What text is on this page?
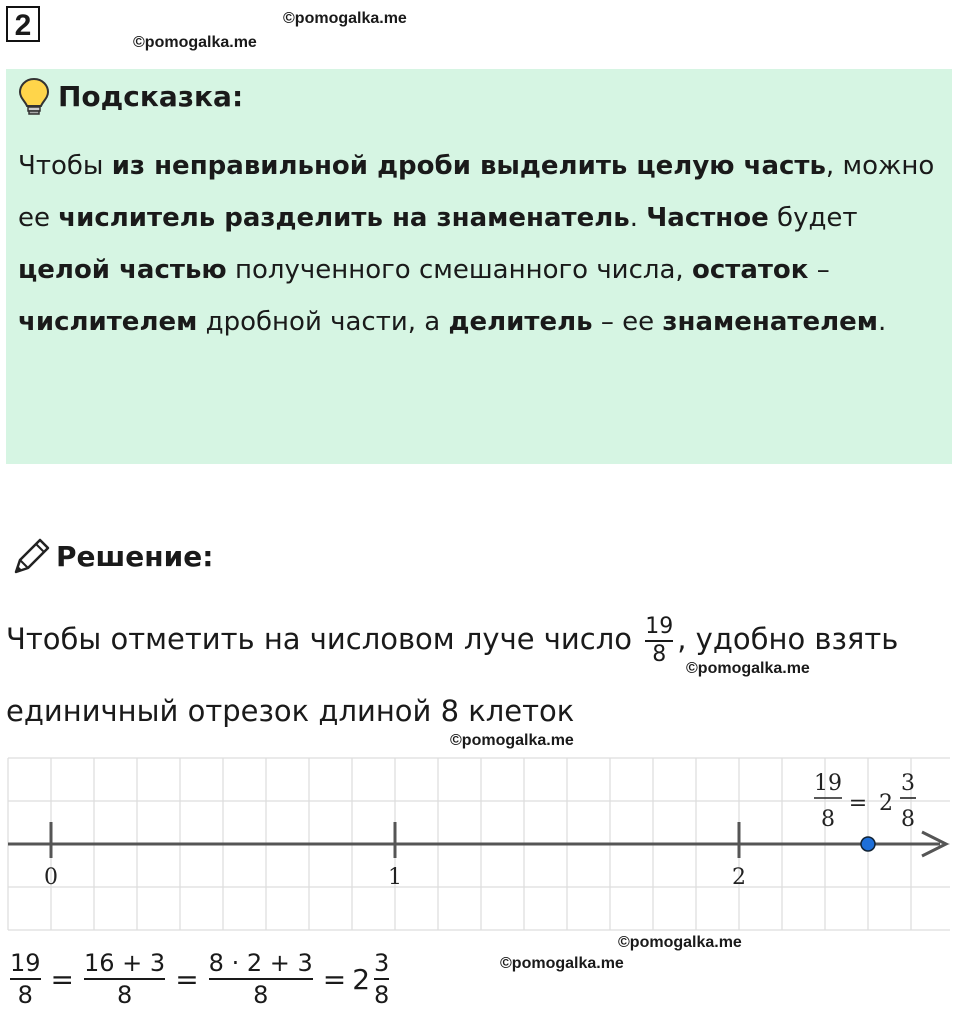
2	©pomogalka.me
©pomogalka.me
Подсказка:
Чтобы из неправильной дроби выделить целую часть, можно ее числитель разделить на знаменатель. Частное будет целой частью полученного смешанного числа, остаток – числителем дробной части, а делитель – ее знаменателем.
Решение:
Чтобы отметить на числовом луче число $\frac{19}{8}$ , удобно взять
©pomogalka.me
единичный отрезок длиной 8 клеток
©pomogalka.me
0	1	2
19
8
= 2
3
8
©pomogalka.me
©pomogalka.me
$\frac{19}{8} = \frac{16 + 3}{8} = \frac{8 \cdot 2 + 3}{8} = 2 \frac{3}{8}$
